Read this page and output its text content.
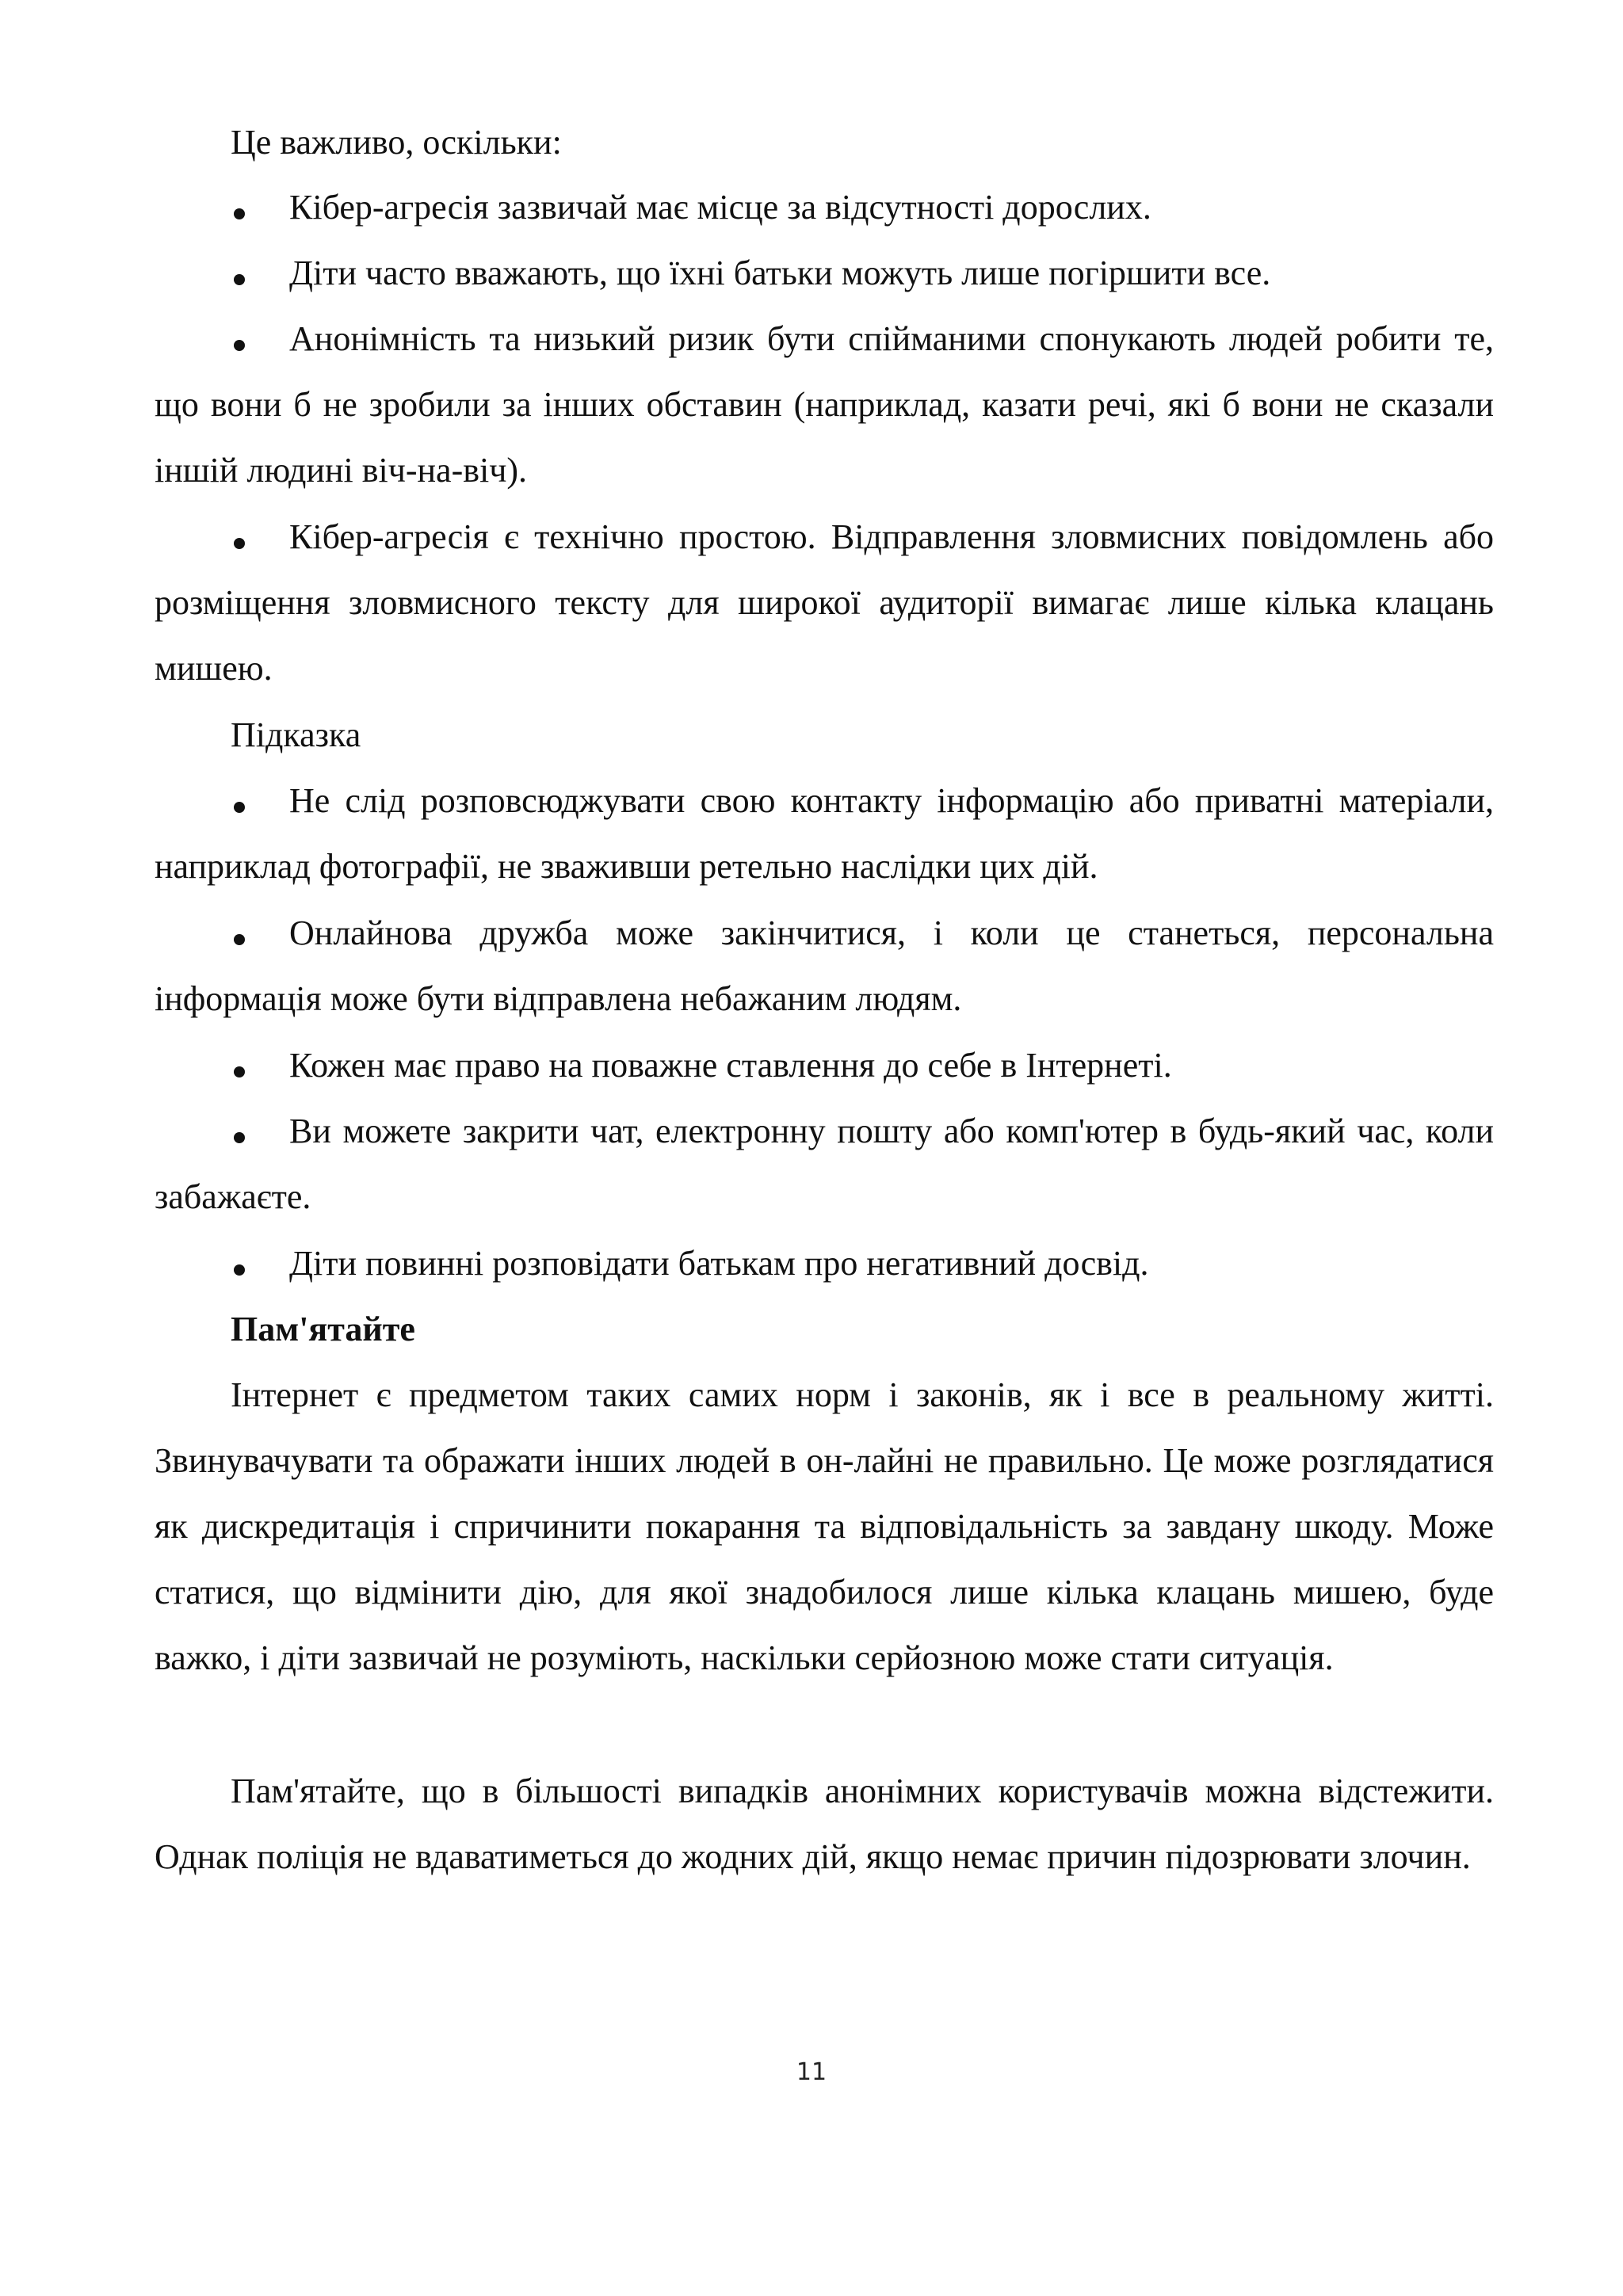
Це важливо, оскільки:

Кібер-агресія зазвичай має місце за відсутності дорослих.

Діти часто вважають, що їхні батьки можуть лише погіршити все.

Анонімність та низький ризик бути спійманими спонукають людей робити те, що вони б не зробили за інших обставин (наприклад, казати речі, які б вони не сказали іншій людині віч-на-віч).

Кібер-агресія є технічно простою. Відправлення зловмисних повідомлень або розміщення зловмисного тексту для широкої аудиторії вимагає лише кілька клацань мишею.

Підказка

Не слід розповсюджувати свою контакту інформацію або приватні матеріали, наприклад фотографії, не зваживши ретельно наслідки цих дій.

Онлайнова дружба може закінчитися, і коли це станеться, персональна інформація може бути відправлена небажаним людям.

Кожен має право на поважне ставлення до себе в Інтернеті.

Ви можете закрити чат, електронну пошту або комп'ютер в будь-який час, коли забажаєте.

Діти повинні розповідати батькам про негативний досвід.

Пам'ятайте

Інтернет є предметом таких самих норм і законів, як і все в реальному житті. Звинувачувати та ображати інших людей в он-лайні не правильно. Це може розглядатися як дискредитація і спричинити покарання та відповідальність за завдану шкоду. Може статися, що відмінити дію, для якої знадобилося лише кілька клацань мишею, буде важко, і діти зазвичай не розуміють, наскільки серйозною може стати ситуація.

Пам'ятайте, що в більшості випадків анонімних користувачів можна відстежити. Однак поліція не вдаватиметься до жодних дій, якщо немає причин підозрювати злочин.

11
